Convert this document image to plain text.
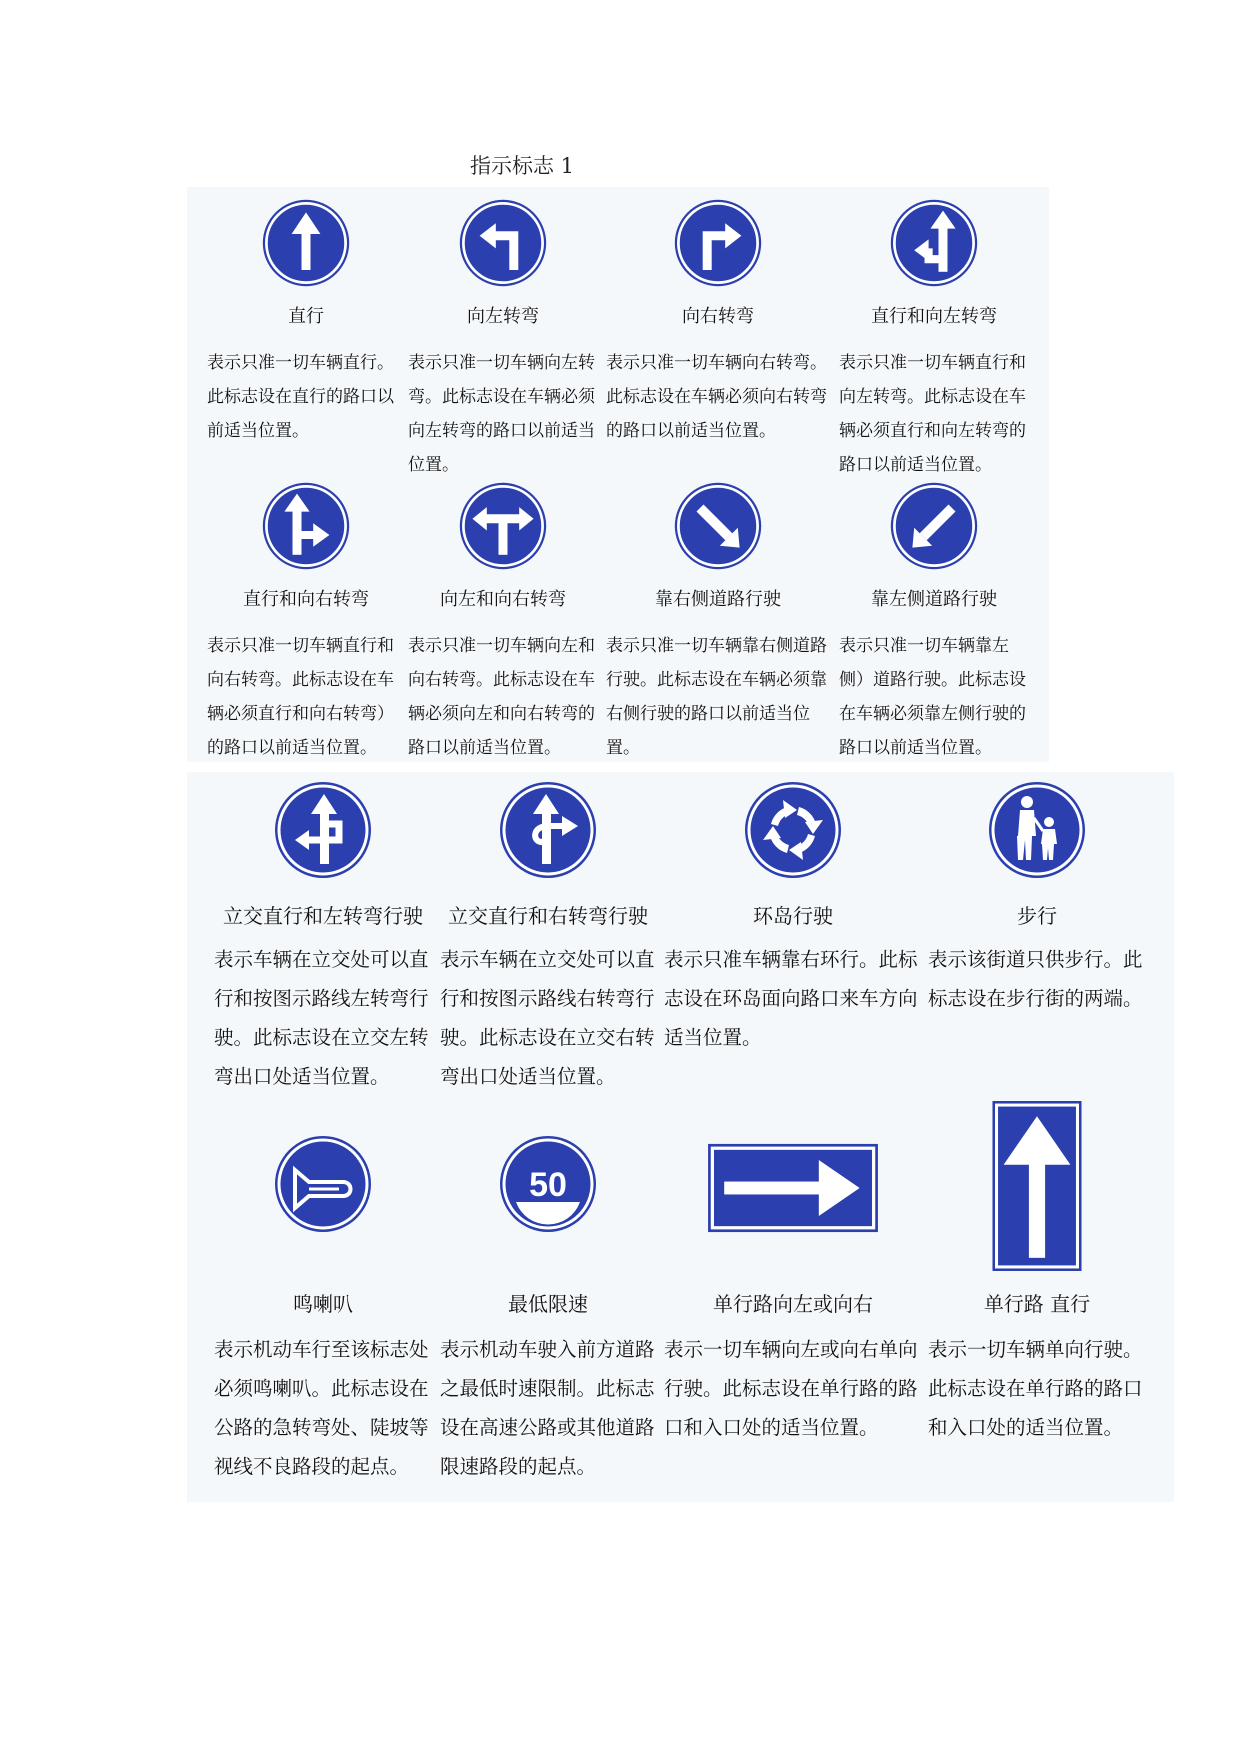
指示标志 1
直行
表示只准一切车辆直行。
此标志设在直行的路口以
前适当位置。
向左转弯
表示只准一切车辆向左转
弯。此标志设在车辆必须
向左转弯的路口以前适当
位置。
向右转弯
表示只准一切车辆向右转弯。
此标志设在车辆必须向右转弯
的路口以前适当位置。
直行和向左转弯
表示只准一切车辆直行和
向左转弯。此标志设在车
辆必须直行和向左转弯的
路口以前适当位置。
直行和向右转弯
表示只准一切车辆直行和
向右转弯。此标志设在车
辆必须直行和向右转弯）
的路口以前适当位置。
向左和向右转弯
表示只准一切车辆向左和
向右转弯。此标志设在车
辆必须向左和向右转弯的
路口以前适当位置。
靠右侧道路行驶
表示只准一切车辆靠右侧道路
行驶。此标志设在车辆必须靠
右侧行驶的路口以前适当位
置。
靠左侧道路行驶
表示只准一切车辆靠左
侧）道路行驶。此标志设
在车辆必须靠左侧行驶的
路口以前适当位置。
立交直行和左转弯行驶
表示车辆在立交处可以直
行和按图示路线左转弯行
驶。此标志设在立交左转
弯出口处适当位置。
立交直行和右转弯行驶
表示车辆在立交处可以直
行和按图示路线右转弯行
驶。此标志设在立交右转
弯出口处适当位置。
环岛行驶
表示只准车辆靠右环行。此标
志设在环岛面向路口来车方向
适当位置。
步行
表示该街道只供步行。此
标志设在步行街的两端。
鸣喇叭
表示机动车行至该标志处
必须鸣喇叭。此标志设在
公路的急转弯处、陡坡等
视线不良路段的起点。
50
最低限速
表示机动车驶入前方道路
之最低时速限制。此标志
设在高速公路或其他道路
限速路段的起点。
单行路向左或向右
表示一切车辆向左或向右单向
行驶。此标志设在单行路的路
口和入口处的适当位置。
单行路 直行
表示一切车辆单向行驶。
此标志设在单行路的路口
和入口处的适当位置。
